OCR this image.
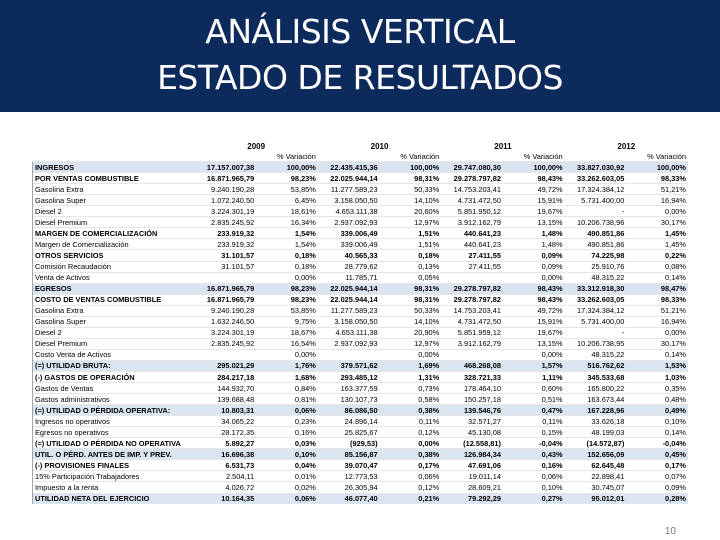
ANÁLISIS VERTICAL
ESTADO DE RESULTADOS
	2009		2010		2011		2012	
		% Variación		% Variación		% Variación		% Variación
INGRESOS	17.157.007,38	100,00%	22.435.415,36	100,00%	29.747.080,30	100,00%	33.827.030,92	100,00%
POR VENTAS COMBUSTIBLE	16.871.965,79	98,23%	22.025.944,14	98,31%	29.278.797,82	98,43%	33.262.603,05	98,33%
Gasolina Extra	9.240.190,28	53,85%	11.277.589,23	50,33%	14.753.203,41	49,72%	17.324.384,12	51,21%
Gasolina Super	1.072.240,50	6,45%	3.158.050,50	14,10%	4.731.472,50	15,91%	5.731.400,00	16,94%
Diesel 2	3.224.301,19	18,61%	4.653.111,38	20,60%	5.851.950,12	19,67%	-	0,00%
Diesel Premium	2.835.245,92	16,34%	2.937.092,93	12,97%	3.912.162,79	13,15%	10.206.738,96	30,17%
MARGEN DE COMERCIALIZACIÓN	233.919,32	1,54%	339.006,49	1,51%	440.641,23	1,48%	490.851,86	1,45%
Margen de Comercialización	233.919,32	1,54%	339.006,49	1,51%	440.641,23	1,48%	490.851,86	1,45%
OTROS SERVICIOS	31.101,57	0,18%	40.565,33	0,18%	27.411,55	0,09%	74.225,98	0,22%
Comisión Recaudación	31.101,57	0,18%	28.779,62	0,13%	27.411,55	0,09%	25.910,76	0,08%
Venta de Activos		0,00%	11.785,71	0,05%		0,00%	48.315,22	0,14%
EGRESOS	16.871.965,79	98,23%	22.025.944,14	98,31%	29.278.797,82	98,43%	33.312.918,30	98,47%
COSTO DE VENTAS COMBUSTIBLE	16.871.965,79	98,23%	22.025.944,14	98,31%	29.278.797,82	98,43%	33.262.603,05	98,33%
Gasolina Extra	9.240.190,28	53,85%	11.277.589,23	50,33%	14.753.203,41	49,72%	17.324.384,12	51,21%
Gasolina Super	1.632.246,50	9,75%	3.158.050,50	14,10%	4.731.472,50	15,91%	5.731.400,00	16,94%
Diesel 2	3.224.301,19	18,67%	4.653.111,38	20,90%	5.851.959,12	19,67%	-	0,00%
Diesel Premium	2.835.245,92	16,54%	2.937.092,93	12,97%	3.912.162,79	13,15%	10.206.738,95	30,17%
Costo Venta de Activos		0,00%		0,00%		0,00%	48.315,22	0,14%
(=) UTILIDAD BRUTA:	295.021,29	1,76%	379.571,62	1,69%	468.268,08	1,57%	516.762,62	1,53%
(-) GASTOS DE OPERACIÓN	284.217,18	1,68%	293.485,12	1,31%	328.721,33	1,11%	345.533,68	1,03%
Gastos de Ventas	144.932,70	0,84%	163.377,59	0,73%	178.464,10	0,60%	165.800,22	0,35%
Gastos administrativos	139.688,48	0,81%	130.107,73	0,58%	150.257,18	0,51%	163.673,44	0,48%
(=) UTILIDAD O PÉRDIDA OPERATIVA:	10.803,31	0,06%	86.086,50	0,38%	139.546,76	0,47%	167.228,96	0,49%
Ingresos no operativos	34.065,22	0,23%	24.896,14	0,11%	32.571,27	0,11%	33.626,18	0,10%
Egresos no operativos	28.172,35	0,16%	25.825,67	0,12%	45.130,08	0,15%	48.199,03	0,14%
(=) UTILIDAD O PÉRDIDA NO OPERATIVA	5.892,27	0,03%	(929,53)	0,00%	(12.558,81)	-0,04%	(14.572,87)	-0,04%
UTIL. O PÉRD. ANTES DE IMP. Y PREV.	16.696,38	0,10%	85.156,87	0,38%	126.984,34	0,43%	152.656,09	0,45%
(-) PROVISIONES FINALES	6.531,73	0,04%	39.070,47	0,17%	47.691,06	0,16%	62.645,48	0,17%
15% Participación Trabajadores	2.504,11	0,01%	12.773,53	0,06%	19.011,14	0,06%	22.898,41	0,07%
Impuesto a la renta	4.026,72	0,02%	26.305,94	0,12%	28.609,21	0,10%	30.745,07	0,09%
UTILIDAD NETA DEL EJERCICIO	10.164,35	0,06%	46.077,40	0,21%	79.292,29	0,27%	95.012,01	0,28%
10
